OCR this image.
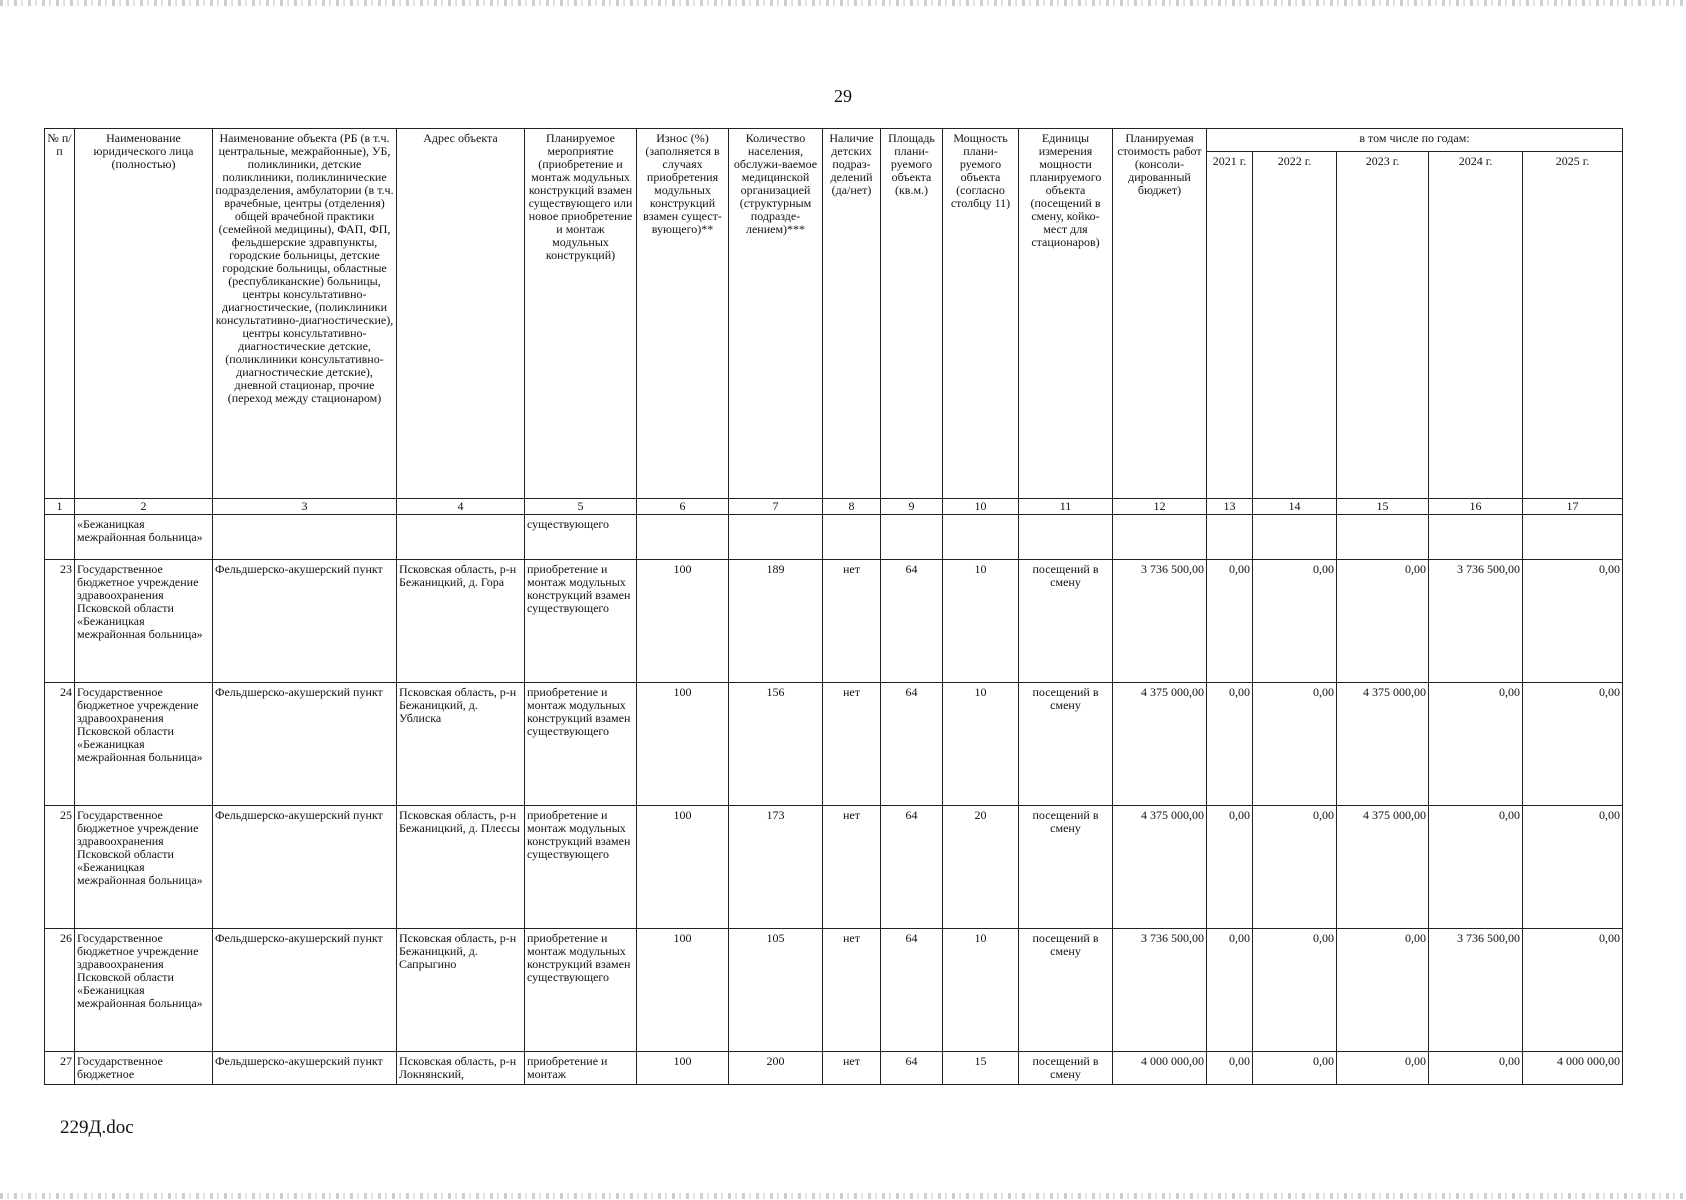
29
№ п/п	Наименование юридического лица (полностью)	Наименование объекта (РБ (в т.ч. центральные, межрайонные), УБ, поликлиники, детские поликлиники, поликлинические подразделения, амбулатории (в т.ч. врачебные, центры (отделения) общей врачебной практики (семейной медицины), ФАП, ФП, фельдшерские здравпункты, городские больницы, детские городские больницы, областные (республиканские) больницы, центры консультативно-диагностические, (поликлиники консультативно-диагностические), центры консультативно-диагностические детские, (поликлиники консультативно-диагностические детские), дневной стационар, прочие (переход между стационаром)	Адрес объекта	Планируемое мероприятие (приобретение и монтаж модульных конструкций взамен существующего или новое приобретение и монтаж модульных конструкций)	Износ (%) (заполняется в случаях приобретения модульных конструкций взамен сущест-вующего)**	Количество населения, обслужи-ваемое медицинской организацией (структурным подразде-лением)***	Наличие детских подраз-делений (да/нет)	Площадь плани-руемого объекта (кв.м.)	Мощность плани-руемого объекта (согласно столбцу 11)	Единицы измерения мощности планируемого объекта (посещений в смену, койко-мест для стационаров)	Планируемая стоимость работ (консоли-дированный бюджет)	в том числе по годам:				
												2021 г.	2022 г.	2023 г.	2024 г.	2025 г.
1	2	3	4	5	6	7	8	9	10	11	12	13	14	15	16	17
	«Бежаницкая межрайонная больница»			существующего												
23	Государственное бюджетное учреждение здравоохранения Псковской области «Бежаницкая межрайонная больница»	Фельдшерско-акушерский пункт	Псковская область, р-н Бежаницкий, д. Гора	приобретение и монтаж модульных конструкций взамен существующего	100	189	нет	64	10	посещений в смену	3 736 500,00	0,00	0,00	0,00	3 736 500,00	0,00
24	Государственное бюджетное учреждение здравоохранения Псковской области «Бежаницкая межрайонная больница»	Фельдшерско-акушерский пункт	Псковская область, р-н Бежаницкий, д. Ублиска	приобретение и монтаж модульных конструкций взамен существующего	100	156	нет	64	10	посещений в смену	4 375 000,00	0,00	0,00	4 375 000,00	0,00	0,00
25	Государственное бюджетное учреждение здравоохранения Псковской области «Бежаницкая межрайонная больница»	Фельдшерско-акушерский пункт	Псковская область, р-н Бежаницкий, д. Плессы	приобретение и монтаж модульных конструкций взамен существующего	100	173	нет	64	20	посещений в смену	4 375 000,00	0,00	0,00	4 375 000,00	0,00	0,00
26	Государственное бюджетное учреждение здравоохранения Псковской области «Бежаницкая межрайонная больница»	Фельдшерско-акушерский пункт	Псковская область, р-н Бежаницкий, д. Сапрыгино	приобретение и монтаж модульных конструкций взамен существующего	100	105	нет	64	10	посещений в смену	3 736 500,00	0,00	0,00	0,00	3 736 500,00	0,00
27	Государственное бюджетное	Фельдшерско-акушерский пункт	Псковская область, р-н Локнянский,	приобретение и монтаж	100	200	нет	64	15	посещений в смену	4 000 000,00	0,00	0,00	0,00	0,00	4 000 000,00
229Д.doc
